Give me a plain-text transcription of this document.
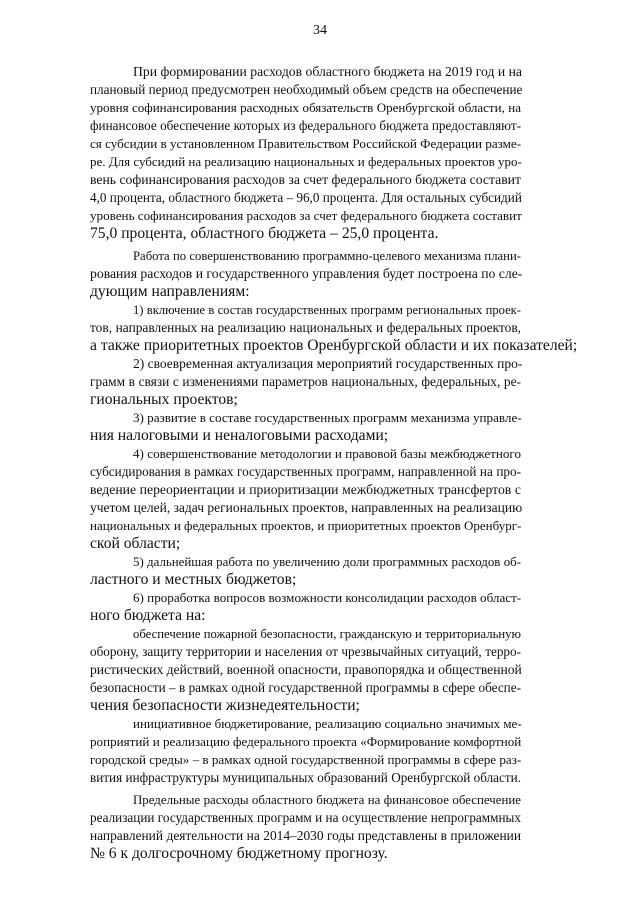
34
При формировании расходов областного бюджета на 2019 год и на
плановый период предусмотрен необходимый объем средств на обеспечение
уровня софинансирования расходных обязательств Оренбургской области, на
финансовое обеспечение которых из федерального бюджета предоставляют-
ся субсидии в установленном Правительством Российской Федерации разме-
ре. Для субсидий на реализацию национальных и федеральных проектов уро-
вень софинансирования расходов за счет федерального бюджета составит
4,0 процента, областного бюджета – 96,0 процента. Для остальных субсидий
уровень софинансирования расходов за счет федерального бюджета составит
75,0 процента, областного бюджета – 25,0 процента.
Работа по совершенствованию программно-целевого механизма плани-
рования расходов и государственного управления будет построена по сле-
дующим направлениям:
1) включение в состав государственных программ региональных проек-
тов, направленных на реализацию национальных и федеральных проектов,
а также приоритетных проектов Оренбургской области и их показателей;
2) своевременная актуализация мероприятий государственных про-
грамм в связи с изменениями параметров национальных, федеральных, ре-
гиональных проектов;
3) развитие в составе государственных программ механизма управле-
ния налоговыми и неналоговыми расходами;
4) совершенствование методологии и правовой базы межбюджетного
субсидирования в рамках государственных программ, направленной на про-
ведение переориентации и приоритизации межбюджетных трансфертов с
учетом целей, задач региональных проектов, направленных на реализацию
национальных и федеральных проектов, и приоритетных проектов Оренбург-
ской области;
5) дальнейшая работа по увеличению доли программных расходов об-
ластного и местных бюджетов;
6) проработка вопросов возможности консолидации расходов област-
ного бюджета на:
обеспечение пожарной безопасности, гражданскую и территориальную
оборону, защиту территории и населения от чрезвычайных ситуаций, терро-
ристических действий, военной опасности, правопорядка и общественной
безопасности – в рамках одной государственной программы в сфере обеспе-
чения безопасности жизнедеятельности;
инициативное бюджетирование, реализацию социально значимых ме-
роприятий и реализацию федерального проекта «Формирование комфортной
городской среды» – в рамках одной государственной программы в сфере раз-
вития инфраструктуры муниципальных образований Оренбургской области.
Предельные расходы областного бюджета на финансовое обеспечение
реализации государственных программ и на осуществление непрограммных
направлений деятельности на 2014–2030 годы представлены в приложении
№ 6 к долгосрочному бюджетному прогнозу.
